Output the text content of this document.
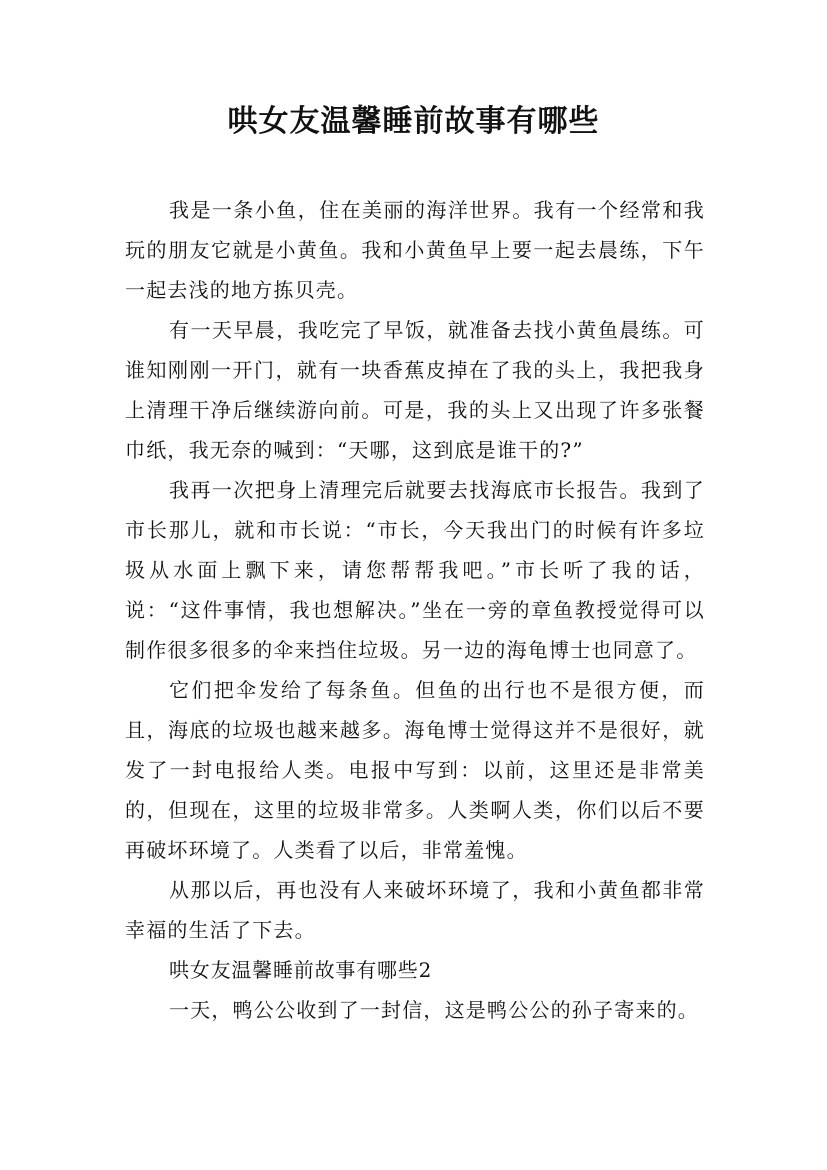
哄女友温馨睡前故事有哪些

我是一条小鱼，住在美丽的海洋世界。我有一个经常和我玩的朋友它就是小黄鱼。我和小黄鱼早上要一起去晨练，下午一起去浅的地方拣贝壳。

有一天早晨，我吃完了早饭，就准备去找小黄鱼晨练。可谁知刚刚一开门，就有一块香蕉皮掉在了我的头上，我把我身上清理干净后继续游向前。可是，我的头上又出现了许多张餐巾纸，我无奈的喊到：“天哪，这到底是谁干的?”

我再一次把身上清理完后就要去找海底市长报告。我到了市长那儿，就和市长说：“市长，今天我出门的时候有许多垃圾从水面上飘下来，请您帮帮我吧。”市长听了我的话，说：“这件事情，我也想解决。”坐在一旁的章鱼教授觉得可以制作很多很多的伞来挡住垃圾。另一边的海龟博士也同意了。

它们把伞发给了每条鱼。但鱼的出行也不是很方便，而且，海底的垃圾也越来越多。海龟博士觉得这并不是很好，就发了一封电报给人类。电报中写到：以前，这里还是非常美的，但现在，这里的垃圾非常多。人类啊人类，你们以后不要再破坏环境了。人类看了以后，非常羞愧。

从那以后，再也没有人来破坏环境了，我和小黄鱼都非常幸福的生活了下去。

哄女友温馨睡前故事有哪些2

一天，鸭公公收到了一封信，这是鸭公公的孙子寄来的。
